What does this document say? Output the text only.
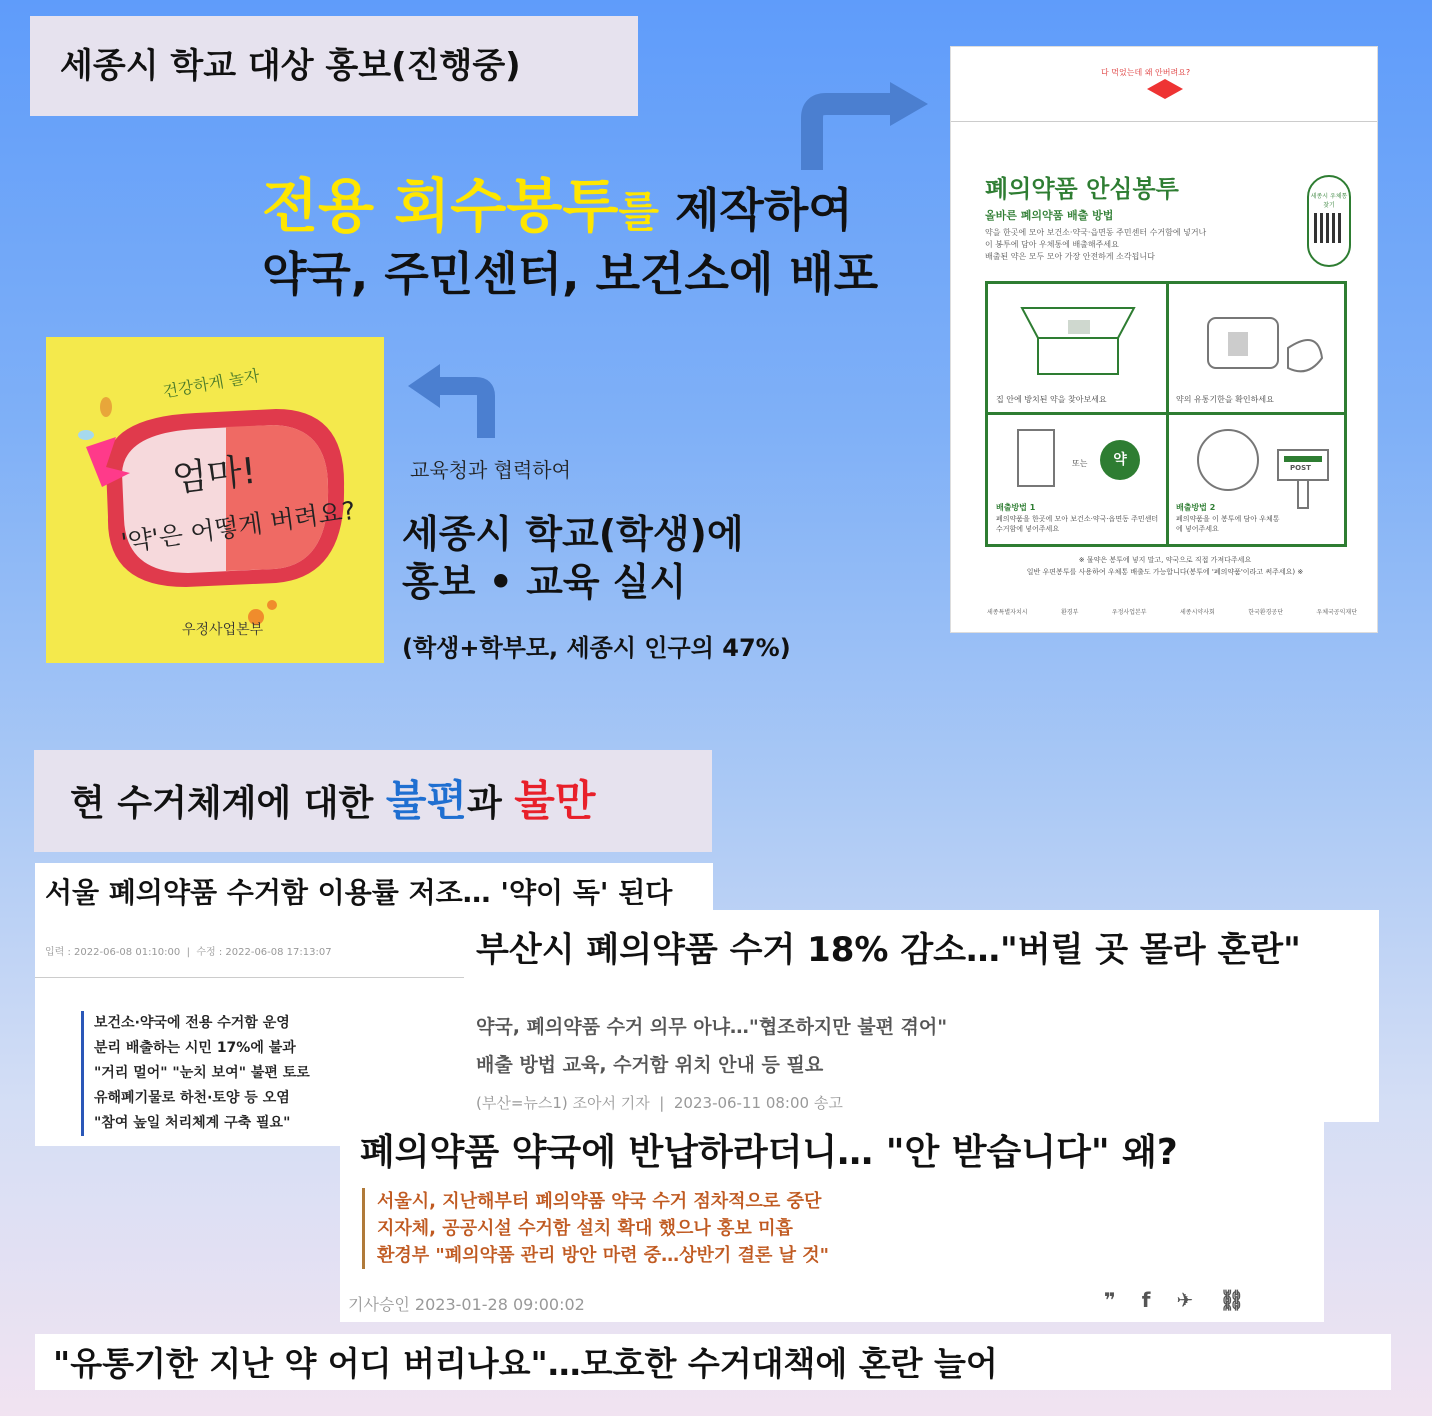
세종시 학교 대상 홍보(진행중)
전용 회수봉투를 제작하여
약국, 주민센터, 보건소에 배포
건강하게 놀자
엄마!
'약'은 어떻게 버려요?
우정사업본부
교육청과 협력하여
세종시 학교(학생)에
홍보 • 교육 실시
(학생+학부모, 세종시 인구의 47%)
다 먹었는데 왜 안버려요?
폐의약품 안심봉투
올바른 폐의약품 배출 방법
약을 한곳에 모아 보건소·약국·읍면동 주민센터 수거함에 넣거나
이 봉투에 담아 우체통에 배출해주세요
배출된 약은 모두 모아 가장 안전하게 소각됩니다
세종시 우체통 찾기
집 안에 방치된 약을 찾아보세요	약의 유통기한을 확인하세요
또는	약
배출방법 1
폐의약품을 한곳에 모아 보건소·약국·읍면동 주민센터 수거함에 넣어주세요
POST
배출방법 2
폐의약품을 이 봉투에 담아 우체통에 넣어주세요
※ 물약은 봉투에 넣지 말고, 약국으로 직접 가져다주세요
일반 우편봉투를 사용하여 우체통 배출도 가능합니다(봉투에 '폐의약품'이라고 써주세요) ※
세종특별자치시	환경부	우정사업본부	세종시약사회	한국환경공단	우체국공익재단
현 수거체계에 대한 불편과 불만
서울 폐의약품 수거함 이용률 저조… '약이 독' 된다
입력 : 2022-06-08 01:10:00  |  수정 : 2022-06-08 17:13:07
보건소·약국에 전용 수거함 운영
분리 배출하는 시민 17%에 불과
"거리 멀어" "눈치 보여" 불편 토로
유해폐기물로 하천·토양 등 오염
"참여 높일 처리체계 구축 필요"
부산시 폐의약품 수거 18% 감소…"버릴 곳 몰라 혼란"
약국, 폐의약품 수거 의무 아냐…"협조하지만 불편 겪어"
배출 방법 교육, 수거함 위치 안내 등 필요
(부산=뉴스1) 조아서 기자  |  2023-06-11 08:00 송고
폐의약품 약국에 반납하라더니… "안 받습니다" 왜?
서울시, 지난해부터 폐의약품 약국 수거 점차적으로 중단
지자체, 공공시설 수거함 설치 확대 했으나 홍보 미흡
환경부 "폐의약품 관리 방안 마련 중…상반기 결론 날 것"
기사승인 2023-01-28 09:00:02	❞ f ✈ ⛓
"유통기한 지난 약 어디 버리나요"…모호한 수거대책에 혼란 늘어
